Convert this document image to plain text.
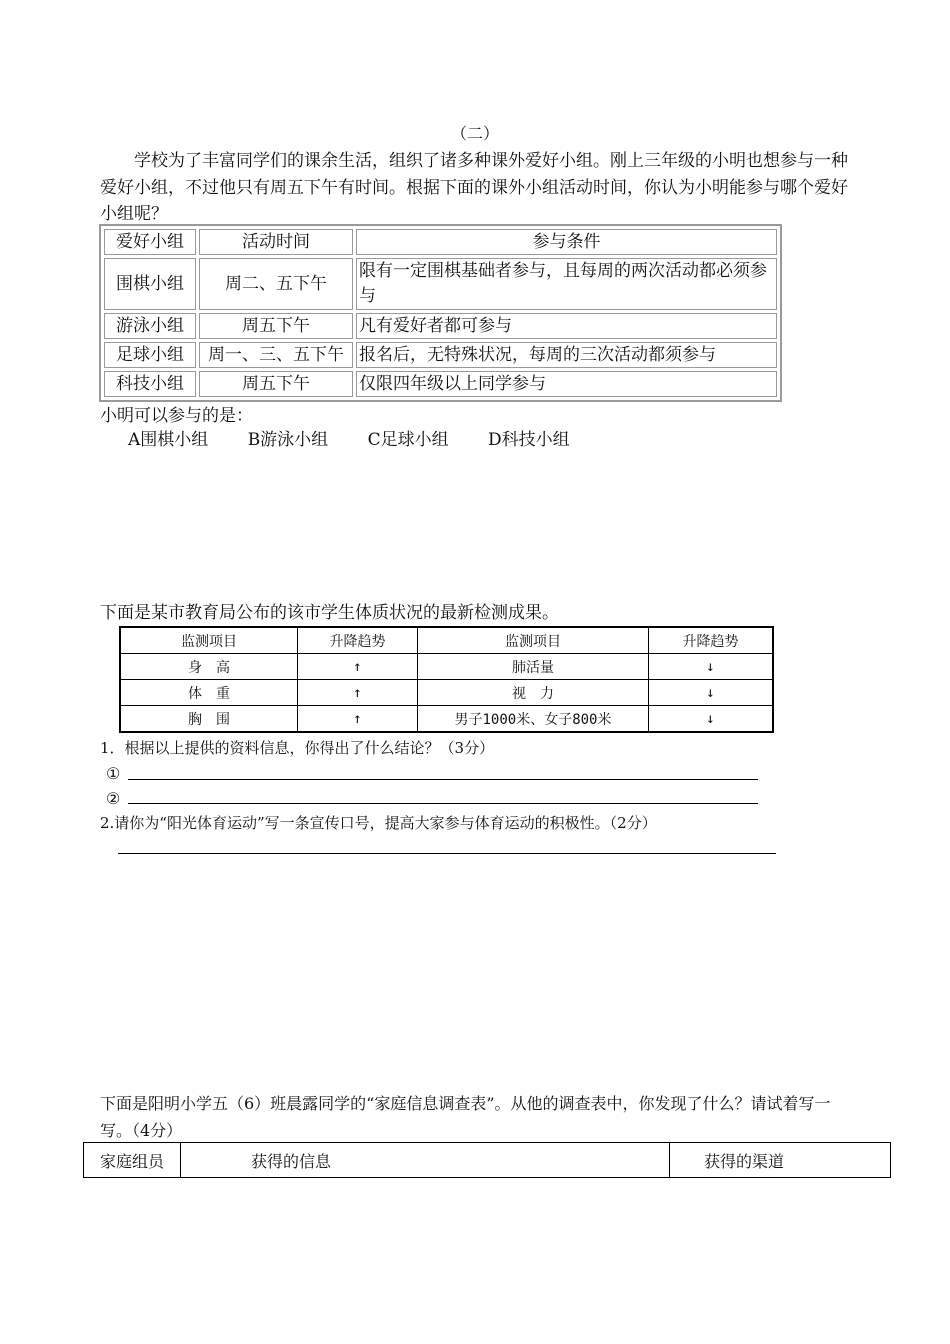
（二）

学校为了丰富同学们的课余生活，组织了诸多种课外爱好小组。刚上三年级的小明也想参与一种爱好小组，不过他只有周五下午有时间。根据下面的课外小组活动时间，你认为小明能参与哪个爱好小组呢？

爱好小组	活动时间	参与条件
围棋小组	周二、五下午	限有一定围棋基础者参与，且每周的两次活动都必须参与
游泳小组	周五下午	凡有爱好者都可参与
足球小组	周一、三、五下午	报名后，无特殊状况，每周的三次活动都须参与
科技小组	周五下午	仅限四年级以上同学参与
小明可以参与的是：
A围棋小组 B游泳小组 C足球小组 D科技小组
下面是某市教育局公布的该市学生体质状况的最新检测成果。
监测项目	升降趋势	监测项目	升降趋势
身　高	↑	肺活量	↓
体　重	↑	视　力	↓
胸　围	↑	男子1000米、女子800米	↓
1．根据以上提供的资料信息，你得出了什么结论？（3分）
①
②
2.请你为“阳光体育运动”写一条宣传口号，提高大家参与体育运动的积极性。（2分）
下面是阳明小学五（6）班晨露同学的“家庭信息调查表”。从他的调查表中，你发现了什么？请试着写一写。（4分）
家庭组员	获得的信息	获得的渠道
